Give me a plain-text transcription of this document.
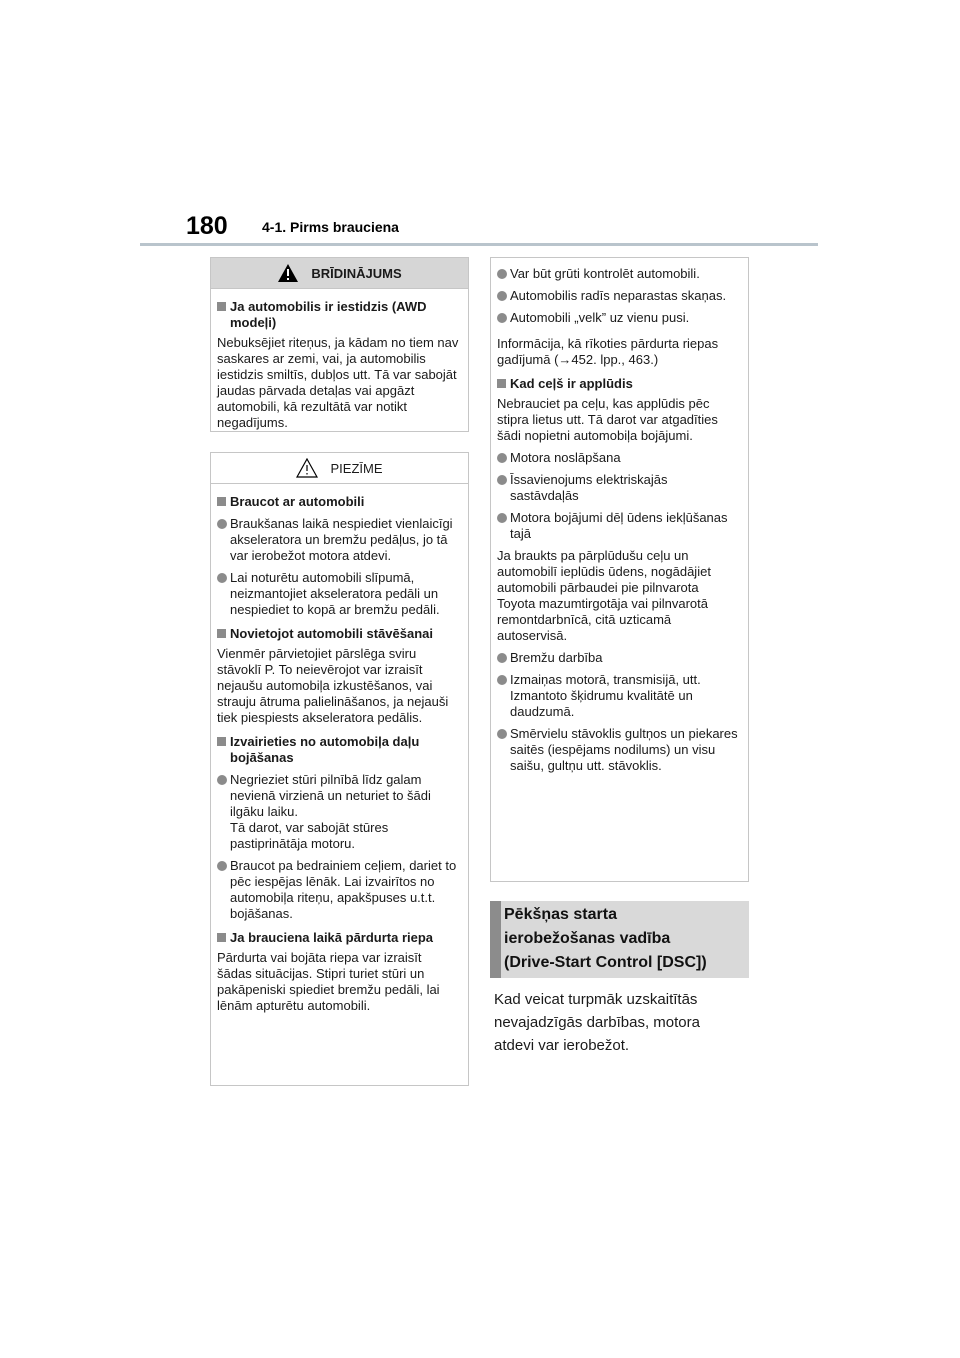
180 4-1. Pirms brauciena
BRĪDINĀJUMS
Ja automobilis ir iestidzis (AWD modeļi)

Nebuksējiet riteņus, ja kādam no tiem nav saskares ar zemi, vai, ja automobilis iestidzis smiltīs, dubļos utt. Tā var sabojāt jaudas pārvada detaļas vai apgāzt automobili, kā rezultātā var notikt negadījums.

PIEZĪME
Braucot ar automobili
Braukšanas laikā nespiediet vienlaicīgi akseleratora un bremžu pedāļus, jo tā var ierobežot motora atdevi.
Lai noturētu automobili slīpumā, neizmantojiet akseleratora pedāli un nespiediet to kopā ar bremžu pedāli.
Novietojot automobili stāvēšanai

Vienmēr pārvietojiet pārslēga sviru stāvoklī P. To neievērojot var izraisīt nejaušu automobiļa izkustēšanos, vai strauju ātruma palielināšanos, ja nejauši tiek piespiests akseleratora pedālis.

Izvairieties no automobiļa daļu bojāšanas
Negrieziet stūri pilnībā līdz galam nevienā virzienā un neturiet to šādi ilgāku laiku.
Tā darot, var sabojāt stūres pastiprinātāja motoru.
Braucot pa bedrainiem ceļiem, dariet to pēc iespējas lēnāk. Lai izvairītos no automobiļa riteņu, apakšpuses u.t.t. bojāšanas.
Ja brauciena laikā pārdurta riepa

Pārdurta vai bojāta riepa var izraisīt šādas situācijas. Stipri turiet stūri un pakāpeniski spiediet bremžu pedāli, lai lēnām apturētu automobili.

Var būt grūti kontrolēt automobili.
Automobilis radīs neparastas skaņas.
Automobili „velk” uz vienu pusi.

Informācija, kā rīkoties pārdurta riepas gadījumā (→452. lpp., 463.)

Kad ceļš ir applūdis

Nebrauciet pa ceļu, kas applūdis pēc stipra lietus utt. Tā darot var atgadīties šādi nopietni automobiļa bojājumi.

Motora noslāpšana
Īssavienojums elektriskajās sastāvdaļās
Motora bojājumi dēļ ūdens iekļūšanas tajā

Ja braukts pa pārplūdušu ceļu un automobilī ieplūdis ūdens, nogādājiet automobili pārbaudei pie pilnvarota Toyota mazumtirgotāja vai pilnvarotā remontdarbnīcā, citā uzticamā autoservisā.

Bremžu darbība
Izmaiņas motorā, transmisijā, utt. Izmantoto šķidrumu kvalitātē un daudzumā.
Smērvielu stāvoklis gultņos un piekares saitēs (iespējams nodilums) un visu saišu, gultņu utt. stāvoklis.
Pēkšņas starta
ierobežošanas vadība
(Drive-Start Control [DSC])
Kad veicat turpmāk uzskaitītās
nevajadzīgās darbības, motora
atdevi var ierobežot.
